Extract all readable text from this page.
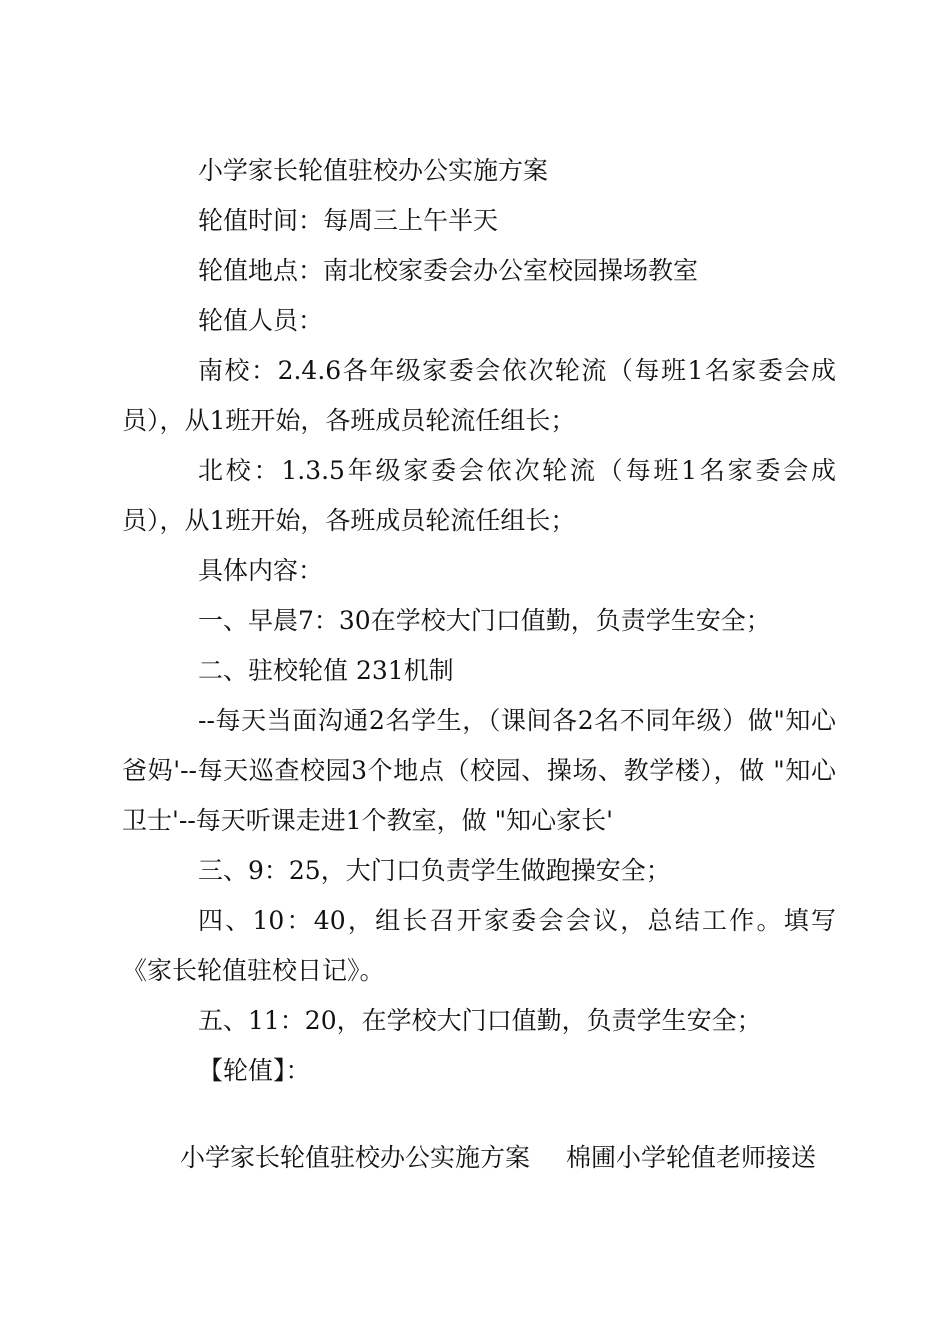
小学家长轮值驻校办公实施方案

轮值时间：每周三上午半天

轮值地点：南北校家委会办公室校园操场教室

轮值人员：

南校：2.4.6各年级家委会依次轮流（每班1名家委会成员），从1班开始，各班成员轮流任组长；

北校：1.3.5年级家委会依次轮流（每班1名家委会成员），从1班开始，各班成员轮流任组长；

具体内容：

一、早晨7：30在学校大门口值勤，负责学生安全；

二、驻校轮值 231机制

--每天当面沟通2名学生，（课间各2名不同年级）做"知心爸妈'--每天巡查校园3个地点（校园、操场、教学楼），做 "知心卫士'--每天听课走进1个教室，做 "知心家长'

三、9：25，大门口负责学生做跑操安全；

四、10：40，组长召开家委会会议，总结工作。填写《家长轮值驻校日记》。

五、11：20，在学校大门口值勤，负责学生安全；

【轮值】：

小学家长轮值驻校办公实施方案 棉圃小学轮值老师接送
